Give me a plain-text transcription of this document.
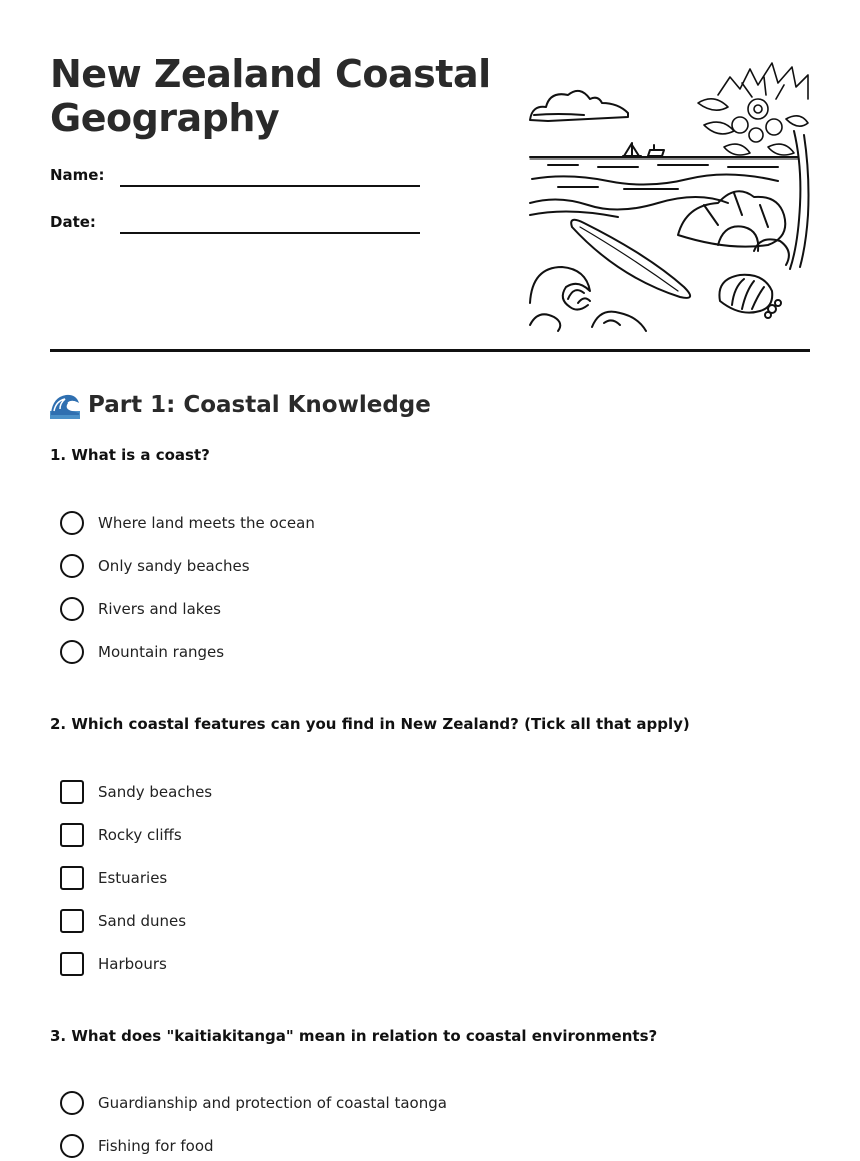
New Zealand Coastal
Geography
Name:
Date:
Part 1: Coastal Knowledge
1. What is a coast?
Where land meets the ocean
Only sandy beaches
Rivers and lakes
Mountain ranges
2. Which coastal features can you find in New Zealand? (Tick all that apply)
Sandy beaches
Rocky cliffs
Estuaries
Sand dunes
Harbours
3. What does "kaitiakitanga" mean in relation to coastal environments?
Guardianship and protection of coastal taonga
Fishing for food
